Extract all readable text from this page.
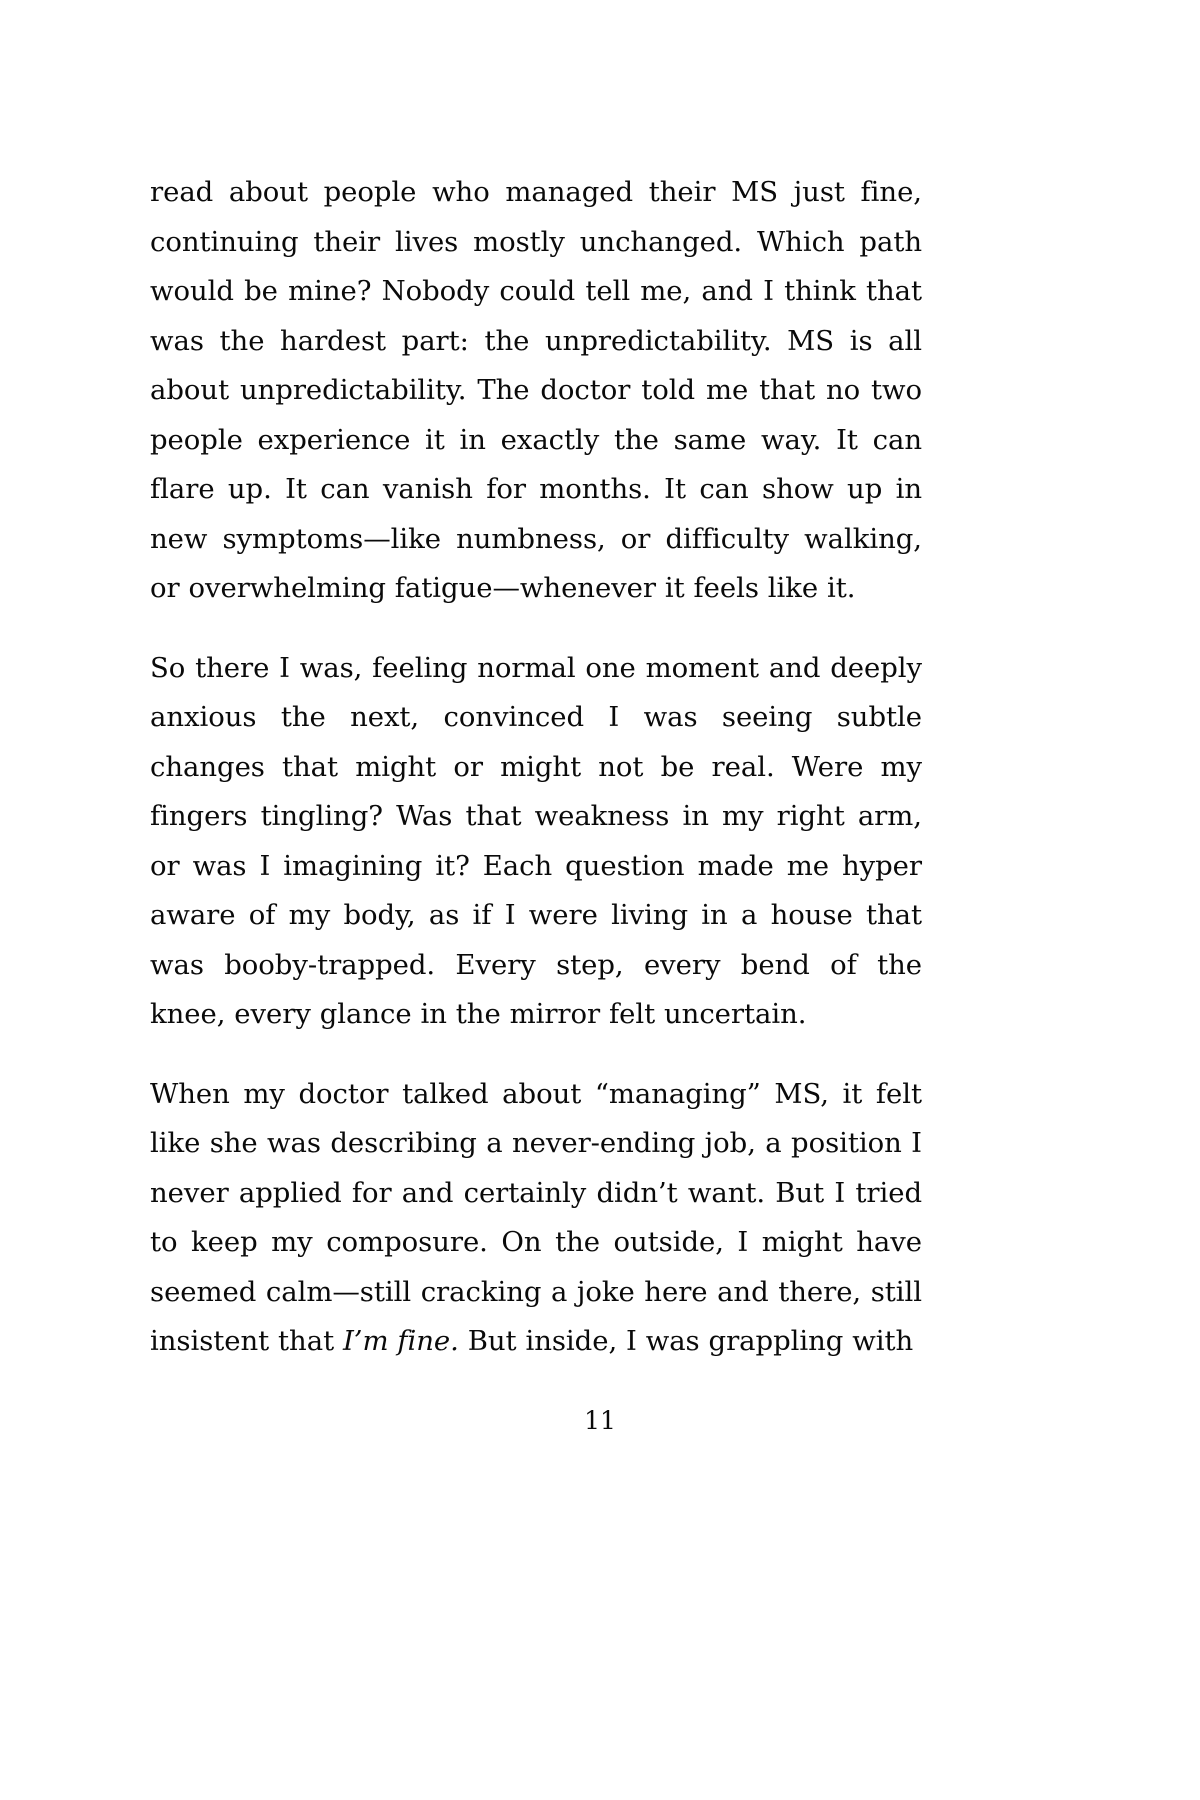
read about people who managed their MS just fine, continuing their lives mostly unchanged. Which path would be mine? Nobody could tell me, and I think that was the hardest part: the unpredictability. MS is all about unpredictability. The doctor told me that no two people experience it in exactly the same way. It can flare up. It can vanish for months. It can show up in new symptoms—like numbness, or difficulty walking, or overwhelming fatigue—whenever it feels like it.

So there I was, feeling normal one moment and deeply anxious the next, convinced I was seeing subtle changes that might or might not be real. Were my fingers tingling? Was that weakness in my right arm, or was I imagining it? Each question made me hyper aware of my body, as if I were living in a house that was booby-trapped. Every step, every bend of the knee, every glance in the mirror felt uncertain.

When my doctor talked about “managing” MS, it felt like she was describing a never-ending job, a position I never applied for and certainly didn’t want. But I tried to keep my composure. On the outside, I might have seemed calm—still cracking a joke here and there, still insistent that I’m fine. But inside, I was grappling with

11
